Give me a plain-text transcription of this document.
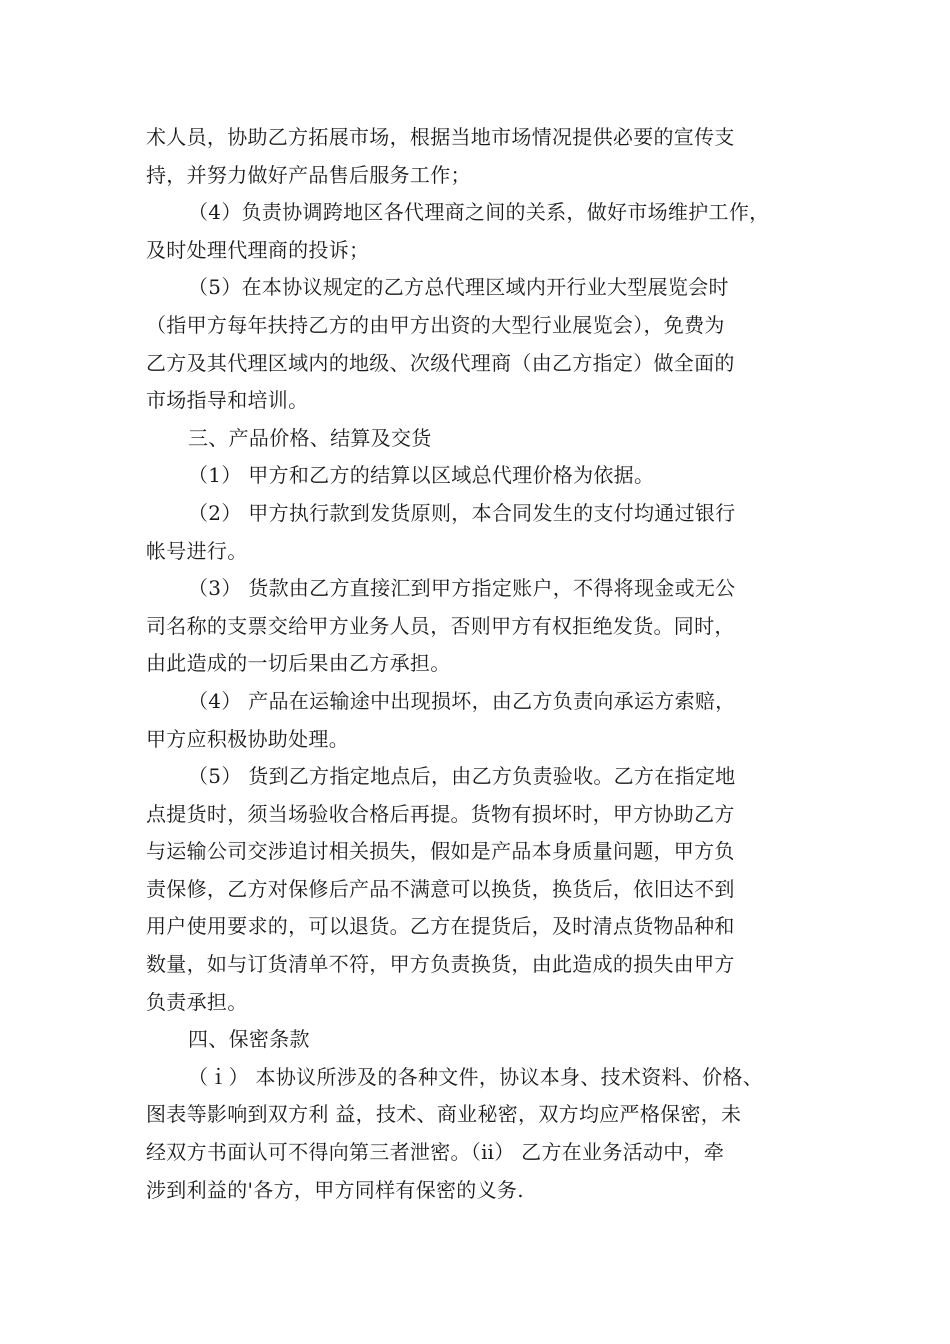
术人员，协助乙方拓展市场，根据当地市场情况提供必要的宣传支
持，并努力做好产品售后服务工作；
（4）负责协调跨地区各代理商之间的关系，做好市场维护工作，
及时处理代理商的投诉；
（5）在本协议规定的乙方总代理区域内开行业大型展览会时
（指甲方每年扶持乙方的由甲方出资的大型行业展览会），免费为
乙方及其代理区域内的地级、次级代理商（由乙方指定）做全面的
市场指导和培训。
三、产品价格、结算及交货
（1） 甲方和乙方的结算以区域总代理价格为依据。
（2） 甲方执行款到发货原则，本合同发生的支付均通过银行
帐号进行。
（3） 货款由乙方直接汇到甲方指定账户，不得将现金或无公
司名称的支票交给甲方业务人员，否则甲方有权拒绝发货。同时，
由此造成的一切后果由乙方承担。
（4） 产品在运输途中出现损坏，由乙方负责向承运方索赔，
甲方应积极协助处理。
（5） 货到乙方指定地点后，由乙方负责验收。乙方在指定地
点提货时，须当场验收合格后再提。货物有损坏时，甲方协助乙方
与运输公司交涉追讨相关损失，假如是产品本身质量问题，甲方负
责保修，乙方对保修后产品不满意可以换货，换货后，依旧达不到
用户使用要求的，可以退货。乙方在提货后，及时清点货物品种和
数量，如与订货清单不符，甲方负责换货，由此造成的损失由甲方
负责承担。
四、保密条款
（ｉ） 本协议所涉及的各种文件，协议本身、技术资料、价格、
图表等影响到双方利 益，技术、商业秘密，双方均应严格保密，未
经双方书面认可不得向第三者泄密。（ⅱ） 乙方在业务活动中，牵
涉到利益的'各方，甲方同样有保密的义务.
